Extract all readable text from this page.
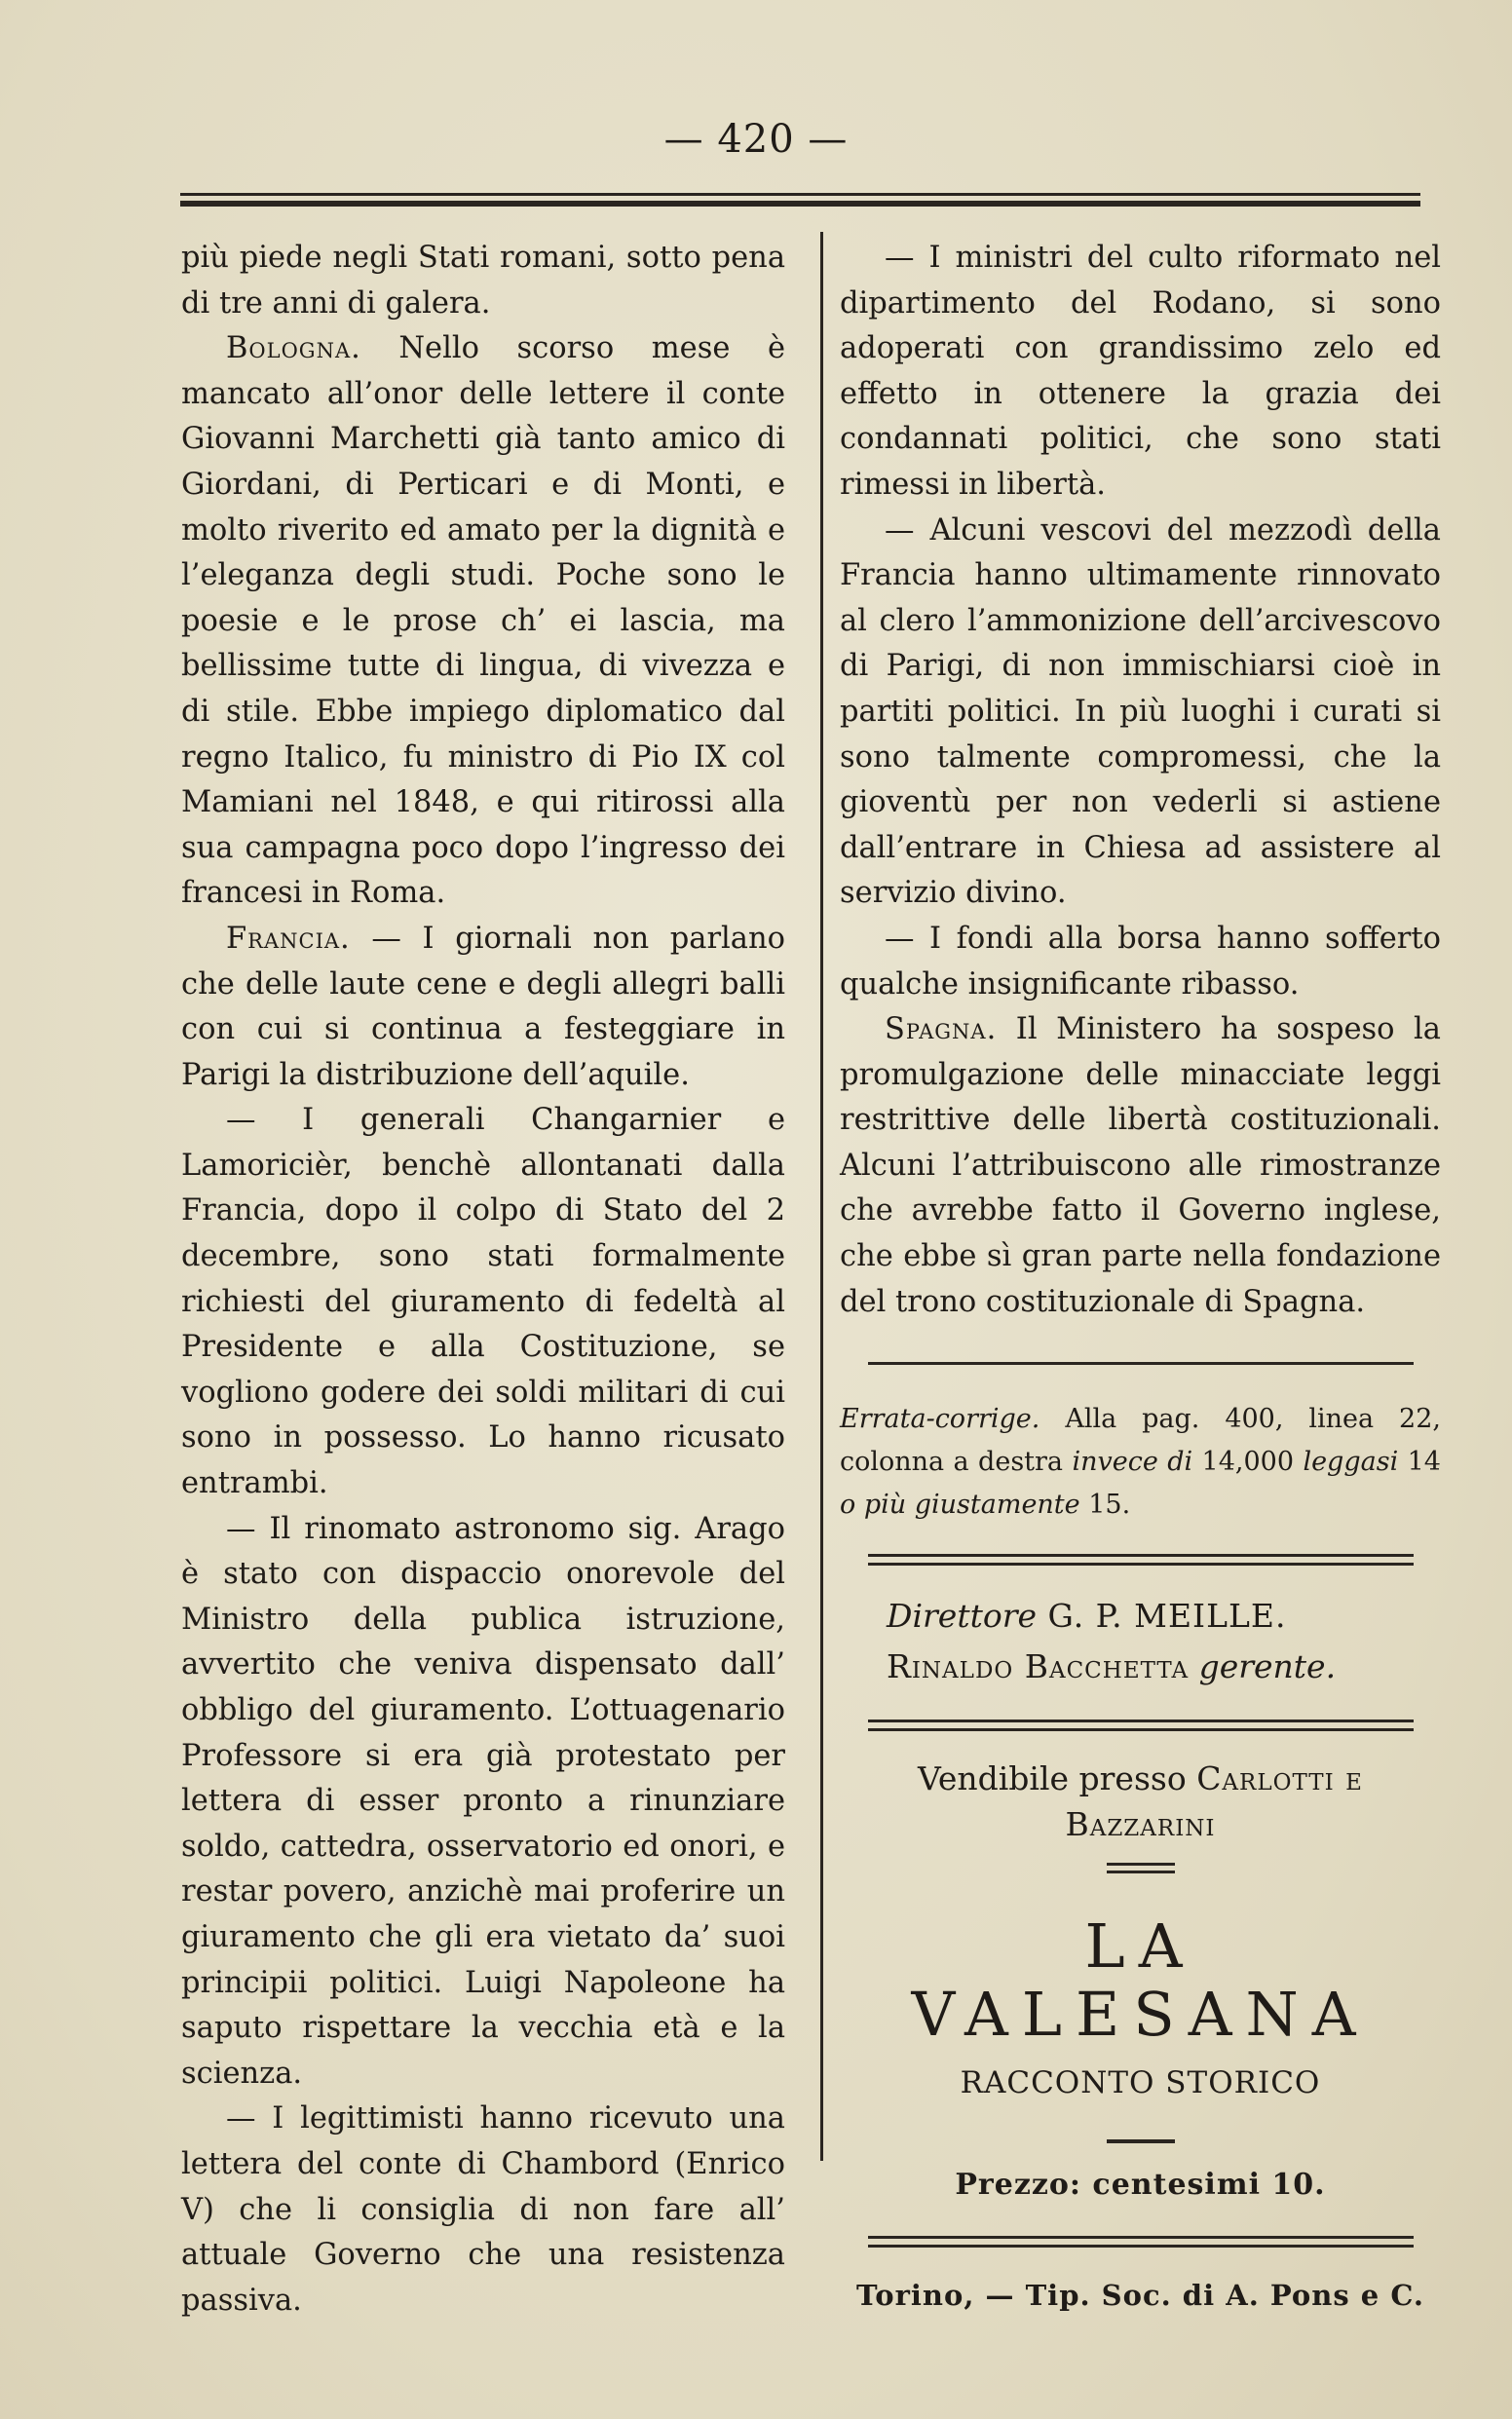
— 420 —

più piede negli Stati romani, sotto pena di tre anni di galera.

Bologna. Nello scorso mese è mancato all’onor delle lettere il conte Giovanni Marchetti già tanto amico di Giordani, di Perticari e di Monti, e molto riverito ed amato per la dignità e l’eleganza degli studi. Poche sono le poesie e le prose ch’ ei lascia, ma bellissime tutte di lingua, di vivezza e di stile. Ebbe impiego diplomatico dal regno Italico, fu ministro di Pio IX col Mamiani nel 1848, e qui ritirossi alla sua campagna poco dopo l’ingresso dei francesi in Roma.

Francia. — I giornali non parlano che delle laute cene e degli allegri balli con cui si continua a festeggiare in Parigi la distribuzione dell’aquile.

— I generali Changarnier e Lamoricièr, benchè allontanati dalla Francia, dopo il colpo di Stato del 2 decembre, sono stati formalmente richiesti del giuramento di fedeltà al Presidente e alla Costituzione, se vogliono godere dei soldi militari di cui sono in possesso. Lo hanno ricusato entrambi.

— Il rinomato astronomo sig. Arago è stato con dispaccio onorevole del Ministro della publica istruzione, avvertito che veniva dispensato dall’ obbligo del giuramento. L’ottuagenario Professore si era già protestato per lettera di esser pronto a rinunziare soldo, cattedra, osservatorio ed onori, e restar povero, anzichè mai proferire un giuramento che gli era vietato da’ suoi principii politici. Luigi Napoleone ha saputo rispettare la vecchia età e la scienza.

— I legittimisti hanno ricevuto una lettera del conte di Chambord (Enrico V) che li consiglia di non fare all’ attuale Governo che una resistenza passiva.

— I ministri del culto riformato nel dipartimento del Rodano, si sono adoperati con grandissimo zelo ed effetto in ottenere la grazia dei condannati politici, che sono stati rimessi in libertà.

— Alcuni vescovi del mezzodì della Francia hanno ultimamente rinnovato al clero l’ammonizione dell’arcivescovo di Parigi, di non immischiarsi cioè in partiti politici. In più luoghi i curati si sono talmente compromessi, che la gioventù per non vederli si astiene dall’entrare in Chiesa ad assistere al servizio divino.

— I fondi alla borsa hanno sofferto qualche insignificante ribasso.

Spagna. Il Ministero ha sospeso la promulgazione delle minacciate leggi restrittive delle libertà costituzionali. Alcuni l’attribuiscono alle rimostranze che avrebbe fatto il Governo inglese, che ebbe sì gran parte nella fondazione del trono costituzionale di Spagna.

Errata-corrige. Alla pag. 400, linea 22, colonna a destra invece di 14,000 leggasi 14 o più giustamente 15.

Direttore G. P. MEILLE.
Rinaldo Bacchetta gerente.
Vendibile presso Carlotti e Bazzarini
LA VALESANA
RACCONTO STORICO
Prezzo: centesimi 10.
Torino, — Tip. Soc. di A. Pons e C.
